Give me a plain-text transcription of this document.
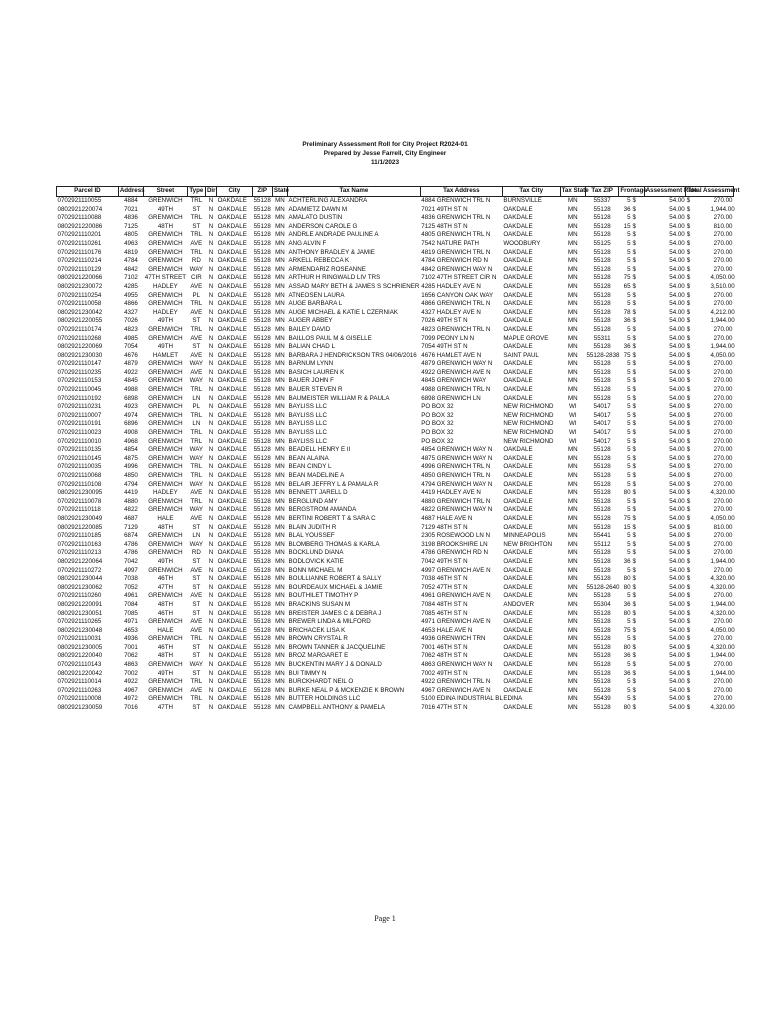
Preliminary Assessment Roll for City Project R2024-01
Prepared by Jesse Farrell, City Engineer
11/1/2023
Parcel ID	Address	Street	Type	Dir	City	ZIP	State	Tax Name	Tax Address	Tax City	Tax State	Tax ZIP	Frontage		Assessment Rate	Total Assessment	
0702921110055	4884	GRENWICH	TRL	N	OAKDALE	55128	MN	ACHTERLING ALEXANDRA	4884 GRENWICH TRL N	BURNSVILLE	MN	55337	5	$	54.00	$	270.00
0802921220074	7021	49TH	ST	N	OAKDALE	55128	MN	ADAMIETZ DAWN M	7021 49TH ST N	OAKDALE	MN	55128	36	$	54.00	$	1,944.00
0702921110088	4836	GRENWICH	TRL	N	OAKDALE	55128	MN	AMALATO DUSTIN	4836 GRENWICH TRL N	OAKDALE	MN	55128	5	$	54.00	$	270.00
0802921220086	7125	48TH	ST	N	OAKDALE	55128	MN	ANDERSON CAROLE G	7125 48TH ST N	OAKDALE	MN	55128	15	$	54.00	$	810.00
0702921110201	4805	GRENWICH	TRL	N	OAKDALE	55128	MN	ANDRLE ANDRADE PAULINE A	4805 GRENWICH TRL N	OAKDALE	MN	55128	5	$	54.00	$	270.00
0702921110261	4963	GRENWICH	AVE	N	OAKDALE	55128	MN	ANG ALVIN F	7542 NATURE PATH	WOODBURY	MN	55125	5	$	54.00	$	270.00
0702921110176	4819	GRENWICH	TRL	N	OAKDALE	55128	MN	ANTHONY BRADLEY & JAMIE	4819 GRENWICH TRL N	OAKDALE	MN	55128	5	$	54.00	$	270.00
0702921110214	4784	GRENWICH	RD	N	OAKDALE	55128	MN	ARKELL REBECCA K	4784 GRENWICH RD N	OAKDALE	MN	55128	5	$	54.00	$	270.00
0702921110129	4842	GRENWICH	WAY	N	OAKDALE	55128	MN	ARMENDARIZ ROSEANNE	4842 GRENWICH WAY N	OAKDALE	MN	55128	5	$	54.00	$	270.00
0802921220066	7102	47TH STREET	CIR	N	OAKDALE	55128	MN	ARTHUR H RINGWALD LIV TRS	7102 47TH STREET CIR N	OAKDALE	MN	55128	75	$	54.00	$	4,050.00
0802921230072	4285	HADLEY	AVE	N	OAKDALE	55128	MN	ASSAD MARY BETH & JAMES S SCHRIENER	4285 HADLEY AVE N	OAKDALE	MN	55128	65	$	54.00	$	3,510.00
0702921110254	4955	GRENWICH	PL	N	OAKDALE	55128	MN	ATNEOSEN LAURA	1656 CANYON OAK WAY	OAKDALE	MN	55128	5	$	54.00	$	270.00
0702921110058	4866	GRENWICH	TRL	N	OAKDALE	55128	MN	AUGE BARBARA L	4866 GRENWICH TRL N	OAKDALE	MN	55128	5	$	54.00	$	270.00
0802921230042	4327	HADLEY	AVE	N	OAKDALE	55128	MN	AUGE MICHAEL & KATIE L CZERNIAK	4327 HADLEY AVE N	OAKDALE	MN	55128	78	$	54.00	$	4,212.00
0802921220055	7026	49TH	ST	N	OAKDALE	55128	MN	AUGER ABBEY	7026 49TH ST N	OAKDALE	MN	55128	36	$	54.00	$	1,944.00
0702921110174	4823	GRENWICH	TRL	N	OAKDALE	55128	MN	BAILEY DAVID	4823 GRENWICH TRL N	OAKDALE	MN	55128	5	$	54.00	$	270.00
0702921110268	4985	GRENWICH	AVE	N	OAKDALE	55128	MN	BAILLOS PAUL M & GISELLE	7099 PEONY LN N	MAPLE GROVE	MN	55311	5	$	54.00	$	270.00
0802921220069	7054	49TH	ST	N	OAKDALE	55128	MN	BALIAN CHAD L	7054 49TH ST N	OAKDALE	MN	55128	36	$	54.00	$	1,944.00
0802921230030	4676	HAMLET	AVE	N	OAKDALE	55128	MN	BARBARA J HENDRICKSON TRS 04/06/2016	4676 HAMLET AVE N	SAINT PAUL	MN	55128-2838	75	$	54.00	$	4,050.00
0702921110147	4879	GRENWICH	WAY	N	OAKDALE	55128	MN	BARNUM LYNN	4879 GRENWICH WAY N	OAKDALE	MN	55128	5	$	54.00	$	270.00
0702921110235	4922	GRENWICH	AVE	N	OAKDALE	55128	MN	BASICH LAUREN K	4922 GRENWICH AVE N	OAKDALE	MN	55128	5	$	54.00	$	270.00
0702921110153	4845	GRENWICH	WAY	N	OAKDALE	55128	MN	BAUER JOHN F	4845 GRENWICH WAY	OAKDALE	MN	55128	5	$	54.00	$	270.00
0702921110045	4988	GRENWICH	TRL	N	OAKDALE	55128	MN	BAUER STEVEN R	4988 GRENWICH TRL N	OAKDALE	MN	55128	5	$	54.00	$	270.00
0702921110192	6898	GRENWICH	LN	N	OAKDALE	55128	MN	BAUMEISTER WILLIAM R & PAULA	6898 GRENWICH LN	OAKDALE	MN	55128	5	$	54.00	$	270.00
0702921110231	4923	GRENWICH	PL	N	OAKDALE	55128	MN	BAYLISS LLC	PO BOX 32	NEW RICHMOND	WI	54017	5	$	54.00	$	270.00
0702921110007	4974	GRENWICH	TRL	N	OAKDALE	55128	MN	BAYLISS LLC	PO BOX 32	NEW RICHMOND	WI	54017	5	$	54.00	$	270.00
0702921110191	6896	GRENWICH	LN	N	OAKDALE	55128	MN	BAYLISS LLC	PO BOX 32	NEW RICHMOND	WI	54017	5	$	54.00	$	270.00
0702921110023	4908	GRENWICH	TRL	N	OAKDALE	55128	MN	BAYLISS LLC	PO BOX 32	NEW RICHMOND	WI	54017	5	$	54.00	$	270.00
0702921110010	4968	GRENWICH	TRL	N	OAKDALE	55128	MN	BAYLISS LLC	PO BOX 32	NEW RICHMOND	WI	54017	5	$	54.00	$	270.00
0702921110135	4854	GRENWICH	WAY	N	OAKDALE	55128	MN	BEADELL HENRY E II	4854 GRENWICH WAY N	OAKDALE	MN	55128	5	$	54.00	$	270.00
0702921110145	4875	GRENWICH	WAY	N	OAKDALE	55128	MN	BEAN ALAINA	4875 GRENWICH WAY N	OAKDALE	MN	55128	5	$	54.00	$	270.00
0702921110035	4996	GRENWICH	TRL	N	OAKDALE	55128	MN	BEAN CINDY L	4996 GRENWICH TRL N	OAKDALE	MN	55128	5	$	54.00	$	270.00
0702921110068	4850	GRENWICH	TRL	N	OAKDALE	55128	MN	BEAN MADELINE A	4850 GRENWICH TRL N	OAKDALE	MN	55128	5	$	54.00	$	270.00
0702921110108	4794	GRENWICH	WAY	N	OAKDALE	55128	MN	BELAIR JEFFRY L & PAMALA R	4794 GRENWICH WAY N	OAKDALE	MN	55128	5	$	54.00	$	270.00
0802921230095	4419	HADLEY	AVE	N	OAKDALE	55128	MN	BENNETT JARELL D	4419 HADLEY AVE N	OAKDALE	MN	55128	80	$	54.00	$	4,320.00
0702921110078	4880	GRENWICH	TRL	N	OAKDALE	55128	MN	BERGLUND AMY	4880 GRENWICH TRL N	OAKDALE	MN	55128	5	$	54.00	$	270.00
0702921110118	4822	GRENWICH	WAY	N	OAKDALE	55128	MN	BERGSTROM AMANDA	4822 GRENWICH WAY N	OAKDALE	MN	55128	5	$	54.00	$	270.00
0802921230049	4687	HALE	AVE	N	OAKDALE	55128	MN	BERTINI ROBERT T & SARA C	4687 HALE AVE N	OAKDALE	MN	55128	75	$	54.00	$	4,050.00
0802921220085	7129	48TH	ST	N	OAKDALE	55128	MN	BLAIN JUDITH R	7129 48TH ST N	OAKDALE	MN	55128	15	$	54.00	$	810.00
0702921110185	6874	GRENWICH	LN	N	OAKDALE	55128	MN	BLAL YOUSSEF	2305 ROSEWOOD LN N	MINNEAPOLIS	MN	55441	5	$	54.00	$	270.00
0702921110163	4786	GRENWICH	WAY	N	OAKDALE	55128	MN	BLOMBERG THOMAS & KARLA	3198 BROOKSHIRE LN	NEW BRIGHTON	MN	55112	5	$	54.00	$	270.00
0702921110213	4786	GRENWICH	RD	N	OAKDALE	55128	MN	BOCKLUND DIANA	4786 GRENWICH RD N	OAKDALE	MN	55128	5	$	54.00	$	270.00
0802921220064	7042	49TH	ST	N	OAKDALE	55128	MN	BODLOVICK KATIE	7042 49TH ST N	OAKDALE	MN	55128	36	$	54.00	$	1,944.00
0702921110272	4997	GRENWICH	AVE	N	OAKDALE	55128	MN	BONN MICHAEL M	4997 GRENWICH AVE N	OAKDALE	MN	55128	5	$	54.00	$	270.00
0802921230044	7038	46TH	ST	N	OAKDALE	55128	MN	BOULLIANNE ROBERT & SALLY	7038 46TH ST N	OAKDALE	MN	55128	80	$	54.00	$	4,320.00
0802921230062	7052	47TH	ST	N	OAKDALE	55128	MN	BOURDEAUX MICHAEL & JAMIE	7052 47TH ST N	OAKDALE	MN	55128-2640	80	$	54.00	$	4,320.00
0702921110260	4961	GRENWICH	AVE	N	OAKDALE	55128	MN	BOUTHILET TIMOTHY P	4961 GRENWICH AVE N	OAKDALE	MN	55128	5	$	54.00	$	270.00
0802921220091	7084	48TH	ST	N	OAKDALE	55128	MN	BRACKINS SUSAN M	7084 48TH ST N	ANDOVER	MN	55304	36	$	54.00	$	1,944.00
0802921230051	7085	46TH	ST	N	OAKDALE	55128	MN	BREISTER JAMES C & DEBRA J	7085 46TH ST N	OAKDALE	MN	55128	80	$	54.00	$	4,320.00
0702921110265	4971	GRENWICH	AVE	N	OAKDALE	55128	MN	BREWER LINDA & MILFORD	4971 GRENWICH AVE N	OAKDALE	MN	55128	5	$	54.00	$	270.00
0802921230048	4653	HALE	AVE	N	OAKDALE	55128	MN	BRICHACEK LISA K	4653 HALE AVE N	OAKDALE	MN	55128	75	$	54.00	$	4,050.00
0702921110031	4936	GRENWICH	TRL	N	OAKDALE	55128	MN	BROWN CRYSTAL R	4936 GRENWICH TRN	OAKDALE	MN	55128	5	$	54.00	$	270.00
0802921230005	7001	46TH	ST	N	OAKDALE	55128	MN	BROWN TANNER & JACQUELINE	7001 46TH ST N	OAKDALE	MN	55128	80	$	54.00	$	4,320.00
0802921220040	7062	48TH	ST	N	OAKDALE	55128	MN	BROZ MARGARET E	7062 48TH ST N	OAKDALE	MN	55128	36	$	54.00	$	1,944.00
0702921110143	4863	GRENWICH	WAY	N	OAKDALE	55128	MN	BUCKENTIN MARY J & DONALD	4863 GRENWICH WAY N	OAKDALE	MN	55128	5	$	54.00	$	270.00
0802921220042	7002	49TH	ST	N	OAKDALE	55128	MN	BUI TIMMY N	7002 49TH ST N	OAKDALE	MN	55128	36	$	54.00	$	1,944.00
0702921110014	4922	GRENWICH	TRL	N	OAKDALE	55128	MN	BURCKHARDT NEIL O	4922 GRENWICH TRL N	OAKDALE	MN	55128	5	$	54.00	$	270.00
0702921110263	4967	GRENWICH	AVE	N	OAKDALE	55128	MN	BURKE NEAL P & MCKENZIE K BROWN	4967 GRENWICH AVE N	OAKDALE	MN	55128	5	$	54.00	$	270.00
0702921110008	4972	GRENWICH	TRL	N	OAKDALE	55128	MN	BUTTER HOLDINGS LLC	5100 EDINA INDUSTRIAL BL	EDINA	MN	55439	5	$	54.00	$	270.00
0802921230059	7016	47TH	ST	N	OAKDALE	55128	MN	CAMPBELL ANTHONY & PAMELA	7016 47TH ST N	OAKDALE	MN	55128	80	$	54.00	$	4,320.00
Page 1
